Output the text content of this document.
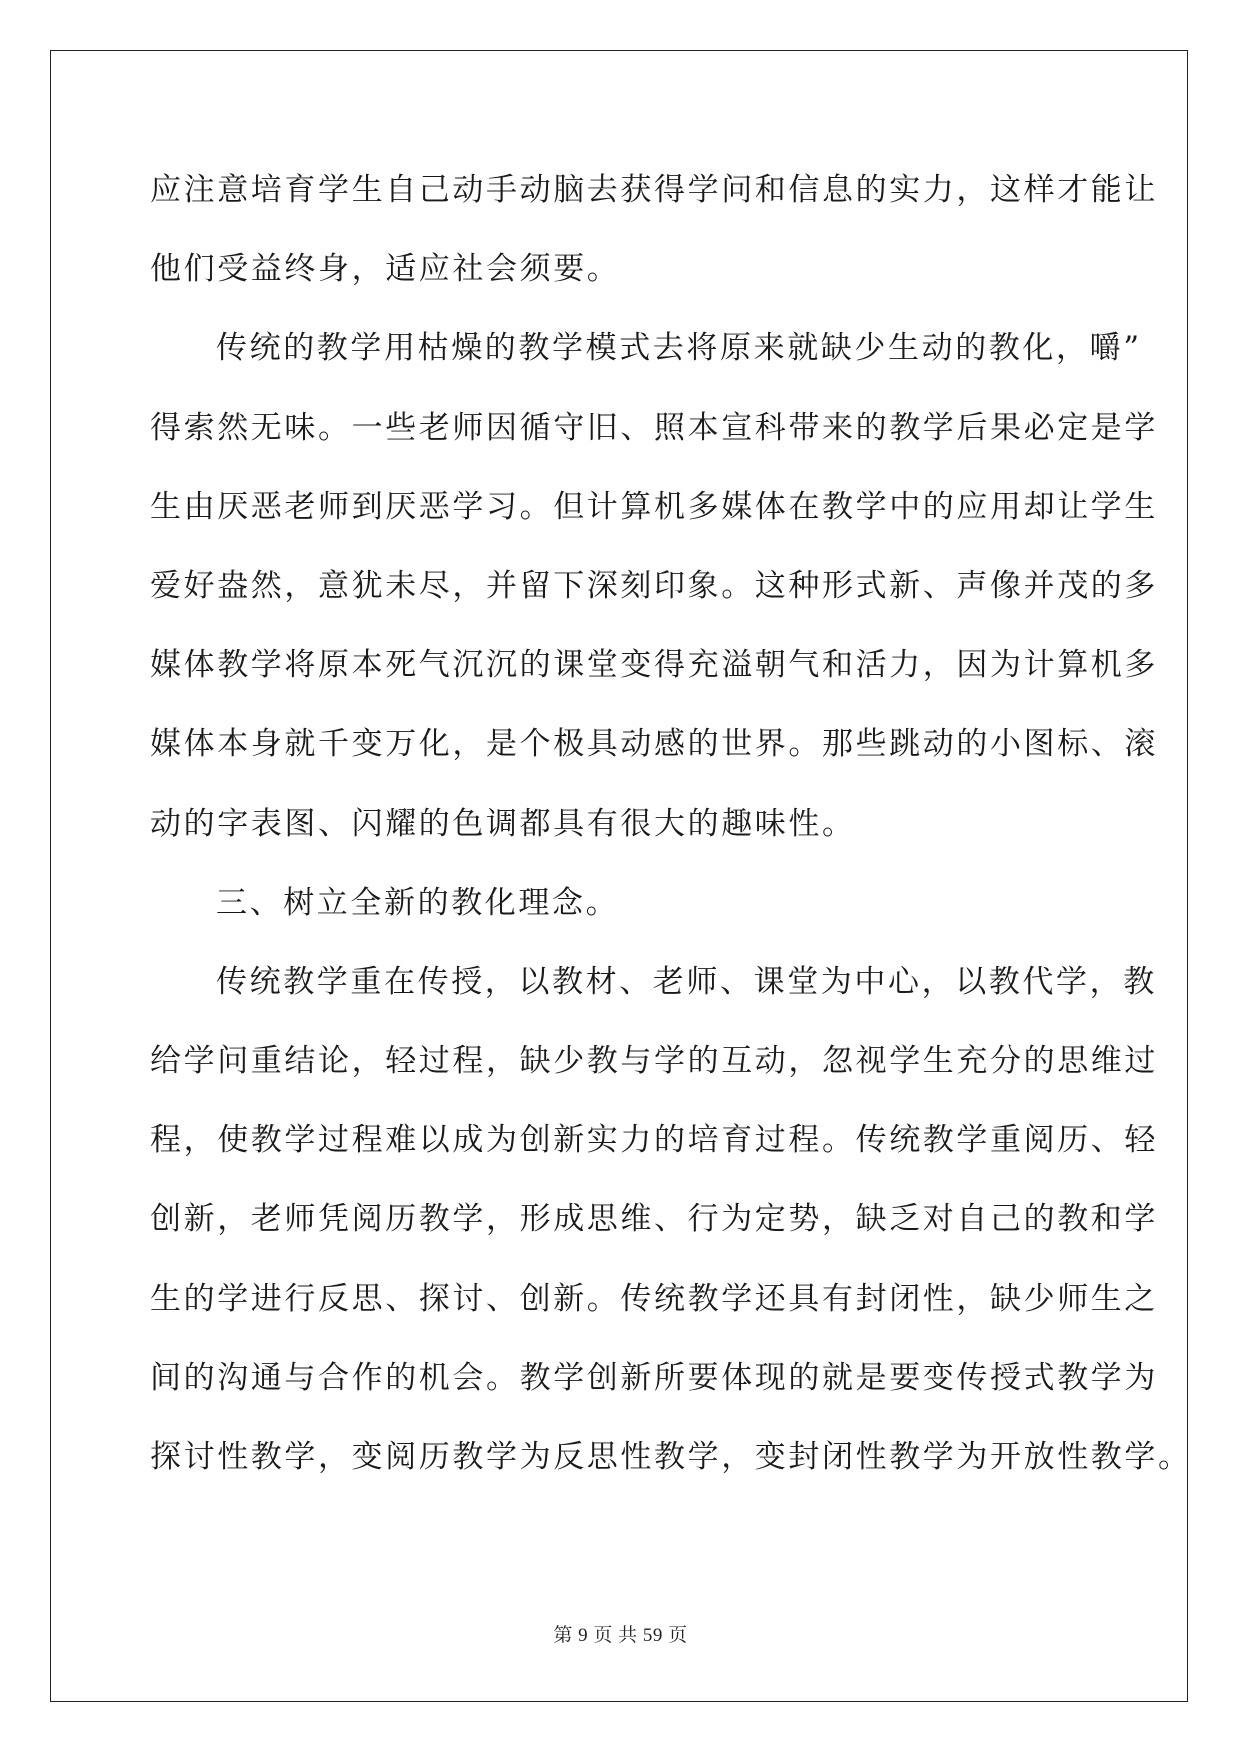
应注意培育学生自己动手动脑去获得学问和信息的实力，这样才能让
他们受益终身，适应社会须要。
传统的教学用枯燥的教学模式去将原来就缺少生动的教化，嚼”
得索然无味。一些老师因循守旧、照本宣科带来的教学后果必定是学
生由厌恶老师到厌恶学习。但计算机多媒体在教学中的应用却让学生
爱好盎然，意犹未尽，并留下深刻印象。这种形式新、声像并茂的多
媒体教学将原本死气沉沉的课堂变得充溢朝气和活力，因为计算机多
媒体本身就千变万化，是个极具动感的世界。那些跳动的小图标、滚
动的字表图、闪耀的色调都具有很大的趣味性。
三、树立全新的教化理念。
传统教学重在传授，以教材、老师、课堂为中心，以教代学，教
给学问重结论，轻过程，缺少教与学的互动，忽视学生充分的思维过
程，使教学过程难以成为创新实力的培育过程。传统教学重阅历、轻
创新，老师凭阅历教学，形成思维、行为定势，缺乏对自己的教和学
生的学进行反思、探讨、创新。传统教学还具有封闭性，缺少师生之
间的沟通与合作的机会。教学创新所要体现的就是要变传授式教学为
探讨性教学，变阅历教学为反思性教学，变封闭性教学为开放性教学。
第 9 页 共 59 页
